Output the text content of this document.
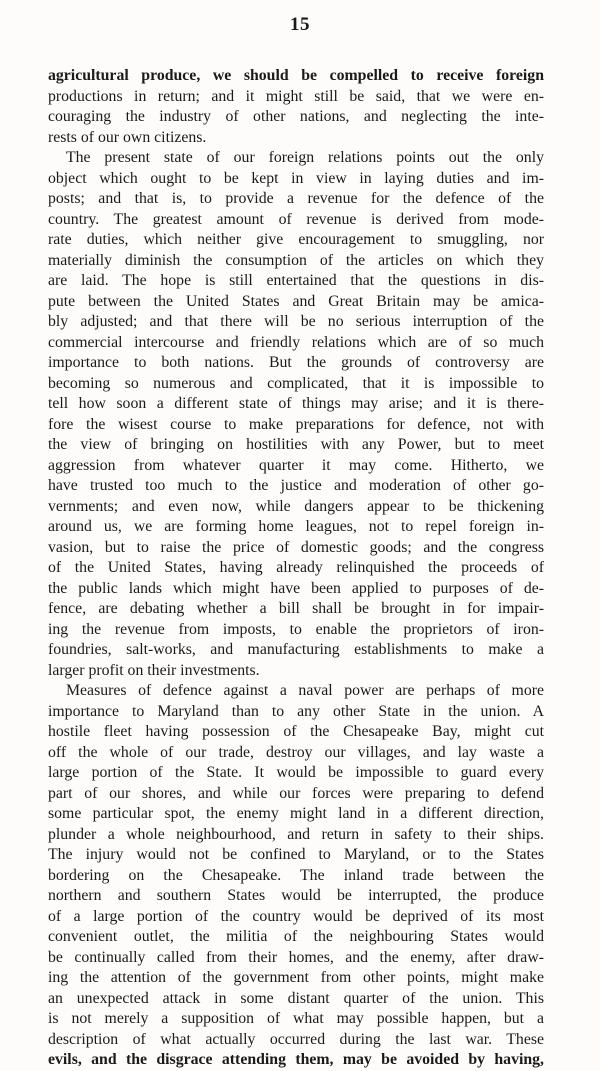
15
agricultural produce, we should be compelled to receive foreign
productions in return; and it might still be said, that we were en-
couraging the industry of other nations, and neglecting the inte-
rests of our own citizens.
The present state of our foreign relations points out the only
object which ought to be kept in view in laying duties and im-
posts; and that is, to provide a revenue for the defence of the
country. The greatest amount of revenue is derived from mode-
rate duties, which neither give encouragement to smuggling, nor
materially diminish the consumption of the articles on which they
are laid. The hope is still entertained that the questions in dis-
pute between the United States and Great Britain may be amica-
bly adjusted; and that there will be no serious interruption of the
commercial intercourse and friendly relations which are of so much
importance to both nations. But the grounds of controversy are
becoming so numerous and complicated, that it is impossible to
tell how soon a different state of things may arise; and it is there-
fore the wisest course to make preparations for defence, not with
the view of bringing on hostilities with any Power, but to meet
aggression from whatever quarter it may come. Hitherto, we
have trusted too much to the justice and moderation of other go-
vernments; and even now, while dangers appear to be thickening
around us, we are forming home leagues, not to repel foreign in-
vasion, but to raise the price of domestic goods; and the congress
of the United States, having already relinquished the proceeds of
the public lands which might have been applied to purposes of de-
fence, are debating whether a bill shall be brought in for impair-
ing the revenue from imposts, to enable the proprietors of iron-
foundries, salt-works, and manufacturing establishments to make a
larger profit on their investments.
Measures of defence against a naval power are perhaps of more
importance to Maryland than to any other State in the union. A
hostile fleet having possession of the Chesapeake Bay, might cut
off the whole of our trade, destroy our villages, and lay waste a
large portion of the State. It would be impossible to guard every
part of our shores, and while our forces were preparing to defend
some particular spot, the enemy might land in a different direction,
plunder a whole neighbourhood, and return in safety to their ships.
The injury would not be confined to Maryland, or to the States
bordering on the Chesapeake. The inland trade between the
northern and southern States would be interrupted, the produce
of a large portion of the country would be deprived of its most
convenient outlet, the militia of the neighbouring States would
be continually called from their homes, and the enemy, after draw-
ing the attention of the government from other points, might make
an unexpected attack in some distant quarter of the union. This
is not merely a supposition of what may possible happen, but a
description of what actually occurred during the last war. These
evils, and the disgrace attending them, may be avoided by having,
